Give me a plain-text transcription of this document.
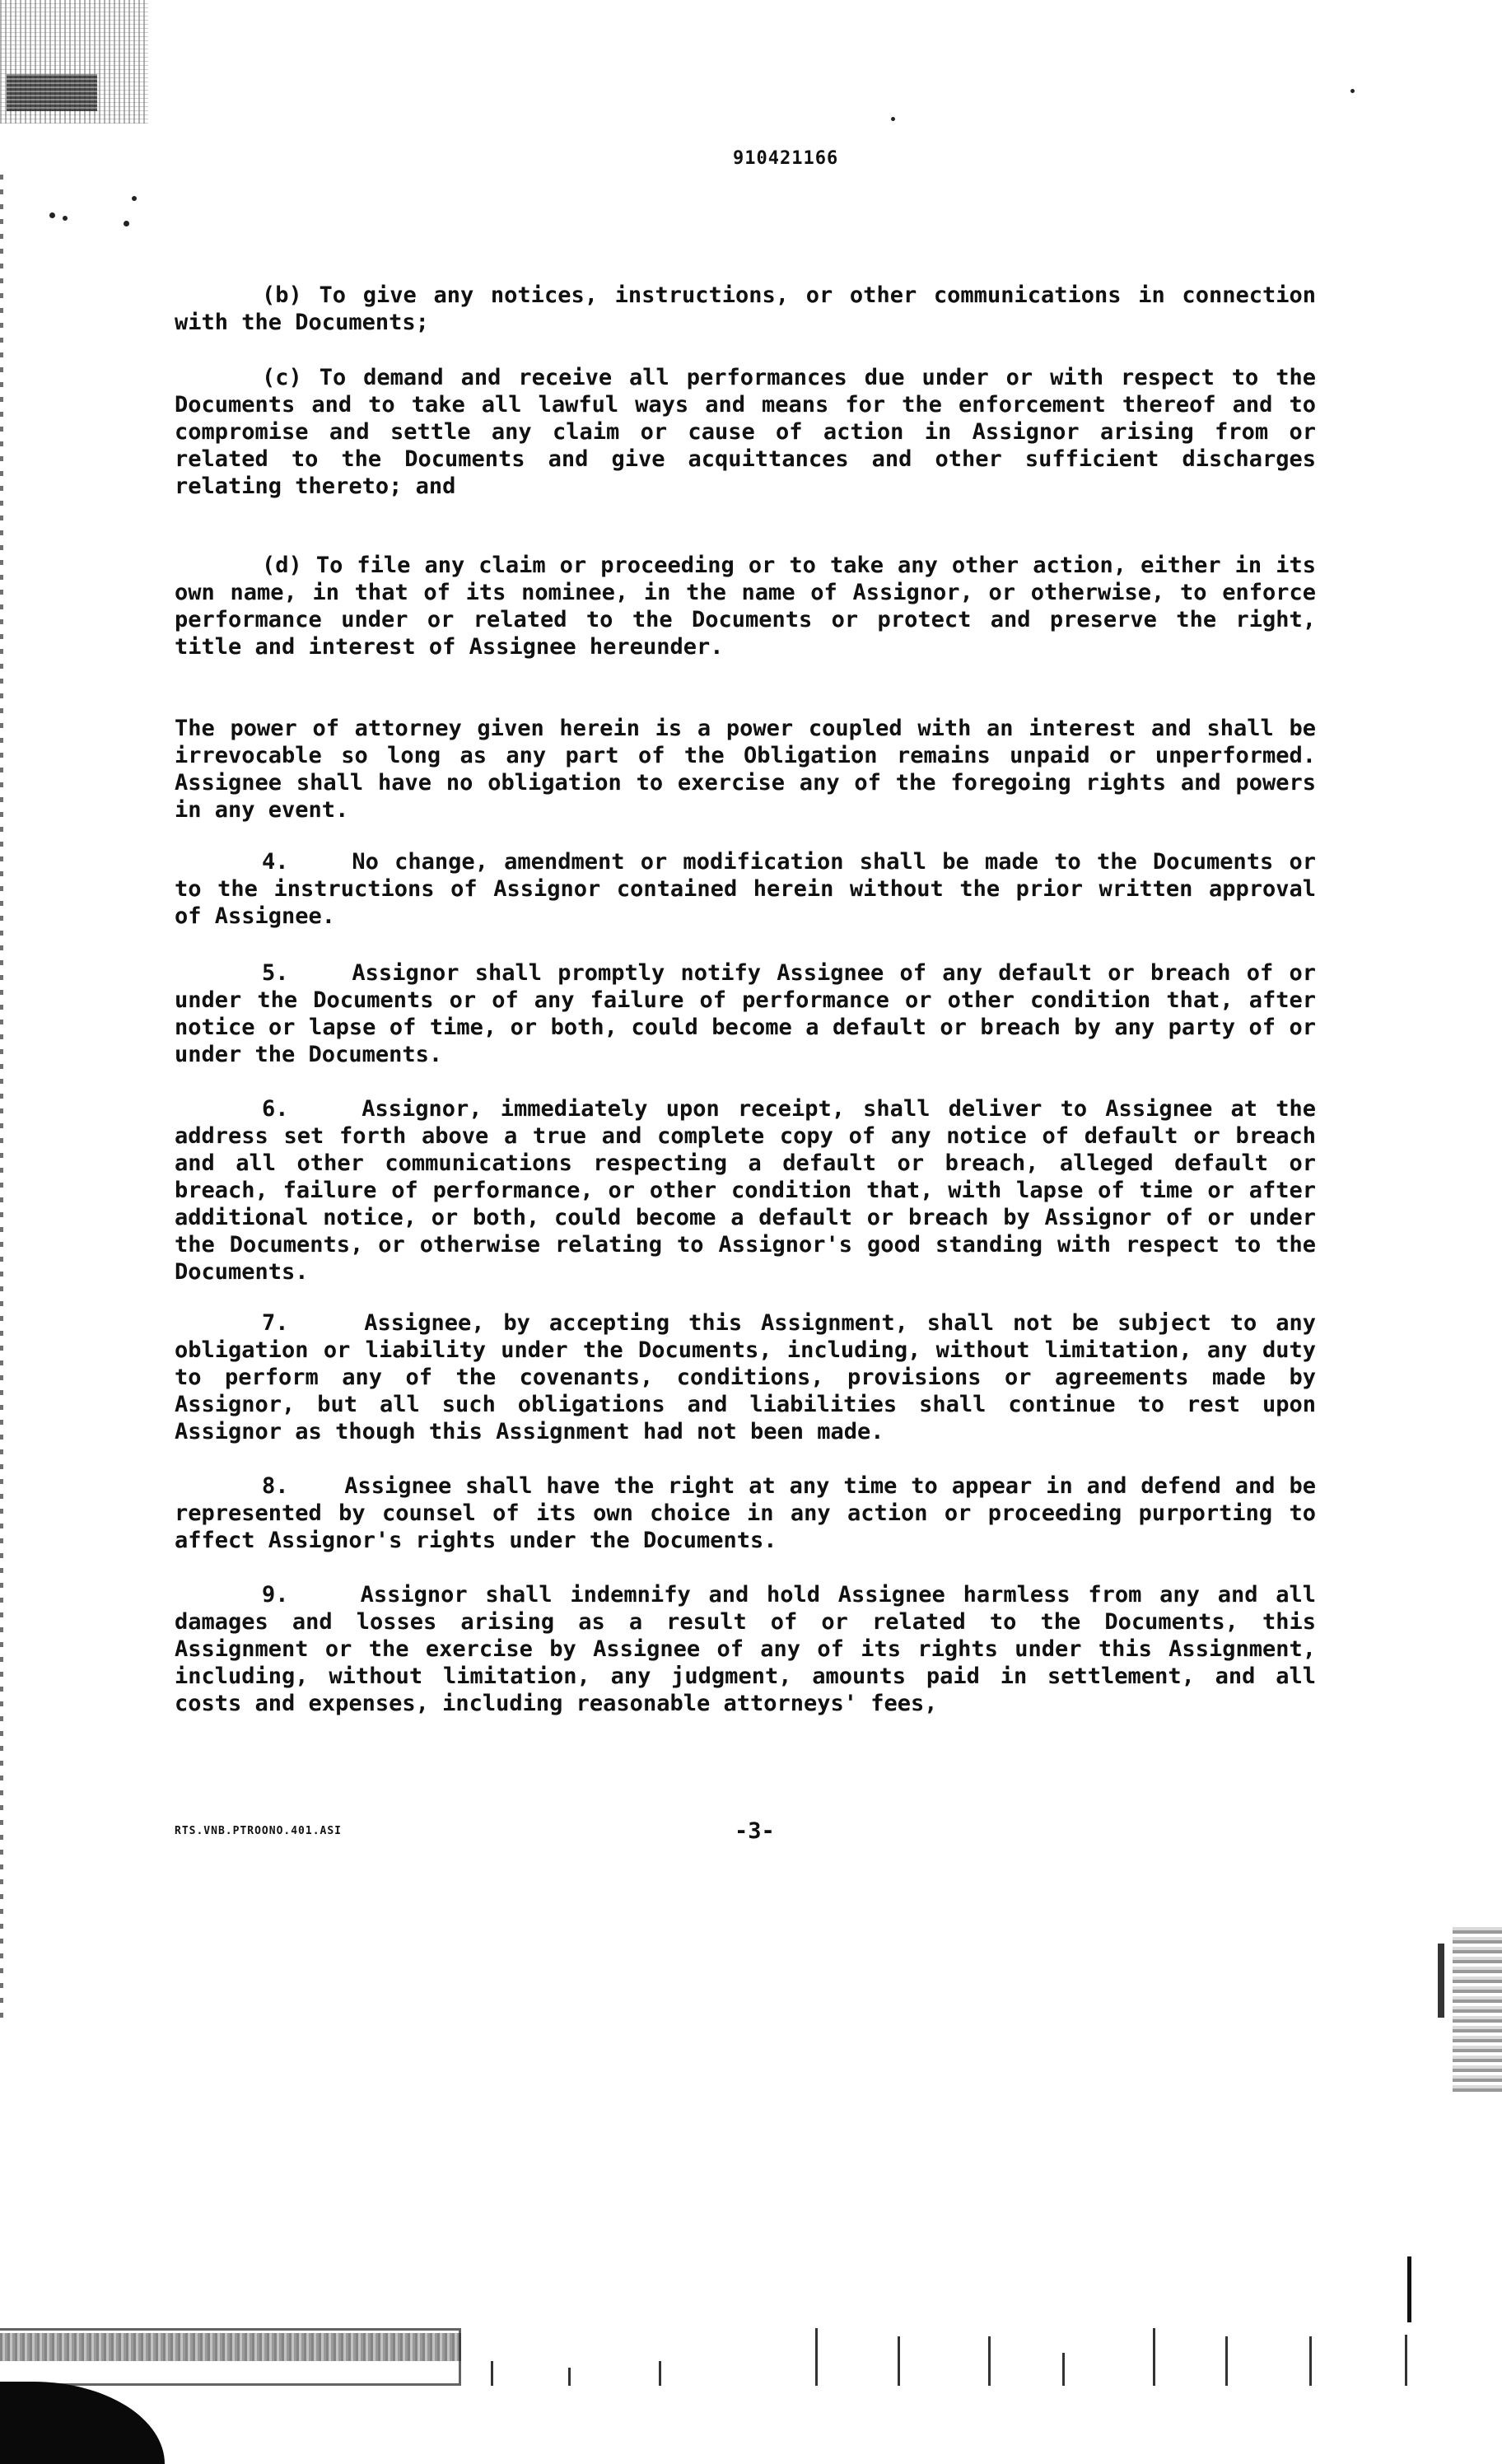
910421166
(b) To give any notices, instructions, or other communications in connection with the Documents;
(c) To demand and receive all performances due under or with respect to the Documents and to take all lawful ways and means for the enforcement thereof and to compromise and settle any claim or cause of action in Assignor arising from or related to the Documents and give acquittances and other sufficient discharges relating thereto; and
(d) To file any claim or proceeding or to take any other action, either in its own name, in that of its nominee, in the name of Assignor, or otherwise, to enforce performance under or related to the Documents or protect and preserve the right, title and interest of Assignee hereunder.
The power of attorney given herein is a power coupled with an interest and shall be irrevocable so long as any part of the Obligation remains unpaid or unperformed. Assignee shall have no obligation to exercise any of the foregoing rights and powers in any event.
4.	No change, amendment or modification shall be made to the Documents or to the instructions of Assignor contained herein without the prior written approval of Assignee.
5.	Assignor shall promptly notify Assignee of any default or breach of or under the Documents or of any failure of performance or other condition that, after notice or lapse of time, or both, could become a default or breach by any party of or under the Documents.
6.	Assignor, immediately upon receipt, shall deliver to Assignee at the address set forth above a true and complete copy of any notice of default or breach and all other communications respecting a default or breach, alleged default or breach, failure of performance, or other condition that, with lapse of time or after additional notice, or both, could become a default or breach by Assignor of or under the Documents, or otherwise relating to Assignor's good standing with respect to the Documents.
7.	Assignee, by accepting this Assignment, shall not be subject to any obligation or liability under the Documents, including, without limitation, any duty to perform any of the covenants, conditions, provisions or agreements made by Assignor, but all such obligations and liabilities shall continue to rest upon Assignor as though this Assignment had not been made.
8.	Assignee shall have the right at any time to appear in and defend and be represented by counsel of its own choice in any action or proceeding purporting to affect Assignor's rights under the Documents.
9.	Assignor shall indemnify and hold Assignee harmless from any and all damages and losses arising as a result of or related to the Documents, this Assignment or the exercise by Assignee of any of its rights under this Assignment, including, without limitation, any judgment, amounts paid in settlement, and all costs and expenses, including reasonable attorneys' fees,
RTS.VNB.PTROONO.401.ASI	-3-
